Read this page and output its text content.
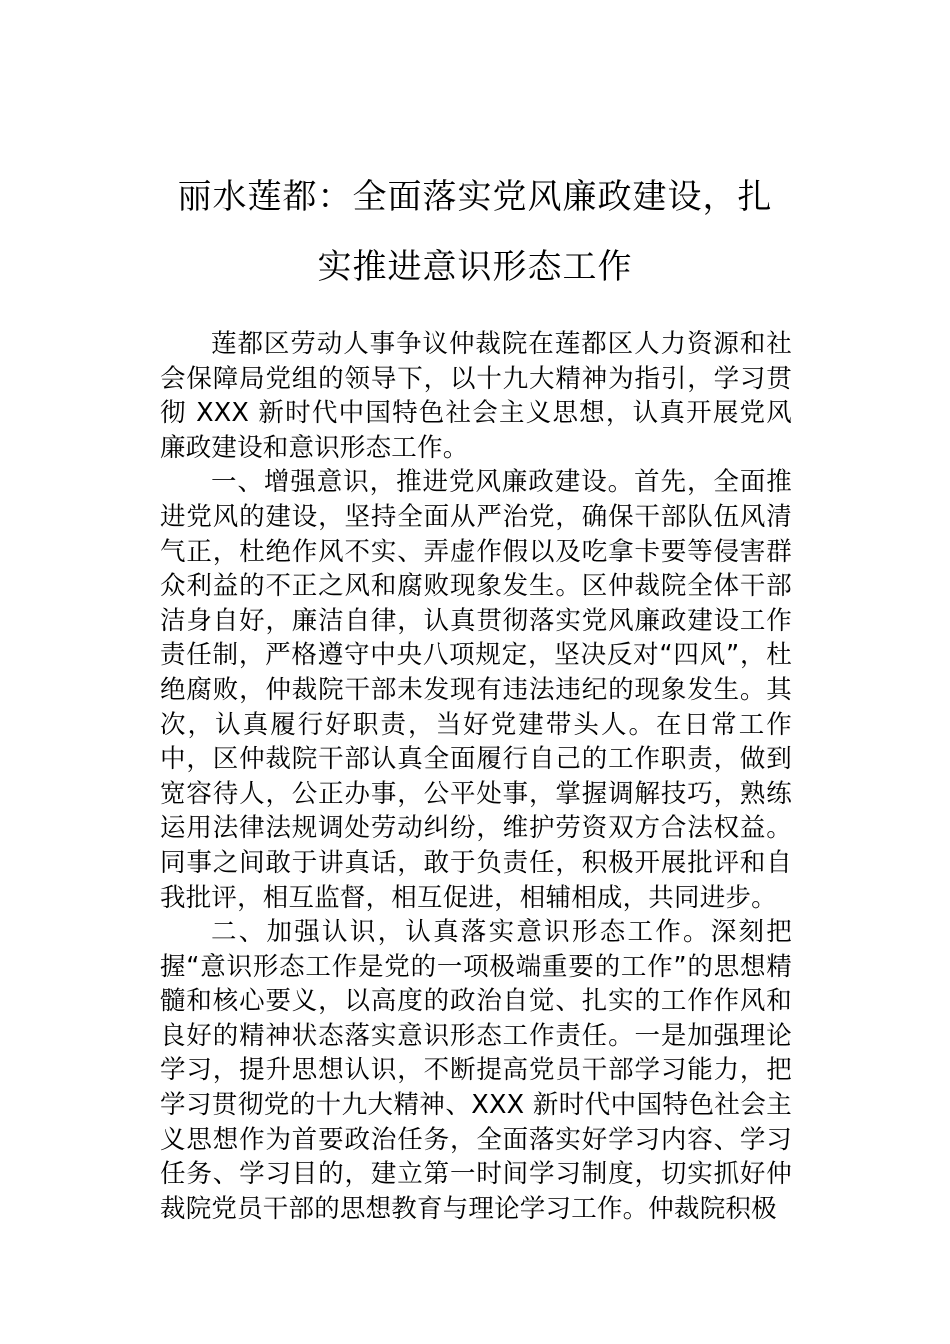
丽水莲都：全面落实党风廉政建设，扎
实推进意识形态工作

莲都区劳动人事争议仲裁院在莲都区人力资源和社会保障局党组的领导下，以十九大精神为指引，学习贯彻 XXX 新时代中国特色社会主义思想，认真开展党风廉政建设和意识形态工作。

一、增强意识，推进党风廉政建设。首先，全面推进党风的建设，坚持全面从严治党，确保干部队伍风清气正，杜绝作风不实、弄虚作假以及吃拿卡要等侵害群众利益的不正之风和腐败现象发生。区仲裁院全体干部洁身自好，廉洁自律，认真贯彻落实党风廉政建设工作责任制，严格遵守中央八项规定，坚决反对“四风”，杜绝腐败，仲裁院干部未发现有违法违纪的现象发生。其次，认真履行好职责，当好党建带头人。在日常工作中，区仲裁院干部认真全面履行自己的工作职责，做到宽容待人，公正办事，公平处事，掌握调解技巧，熟练运用法律法规调处劳动纠纷，维护劳资双方合法权益。同事之间敢于讲真话，敢于负责任，积极开展批评和自我批评，相互监督，相互促进，相辅相成，共同进步。

二、加强认识，认真落实意识形态工作。深刻把握“意识形态工作是党的一项极端重要的工作”的思想精髓和核心要义，以高度的政治自觉、扎实的工作作风和良好的精神状态落实意识形态工作责任。一是加强理论学习，提升思想认识，不断提高党员干部学习能力，把学习贯彻党的十九大精神、XXX 新时代中国特色社会主义思想作为首要政治任务，全面落实好学习内容、学习任务、学习目的，建立第一时间学习制度，切实抓好仲裁院党员干部的思想教育与理论学习工作。仲裁院积极
